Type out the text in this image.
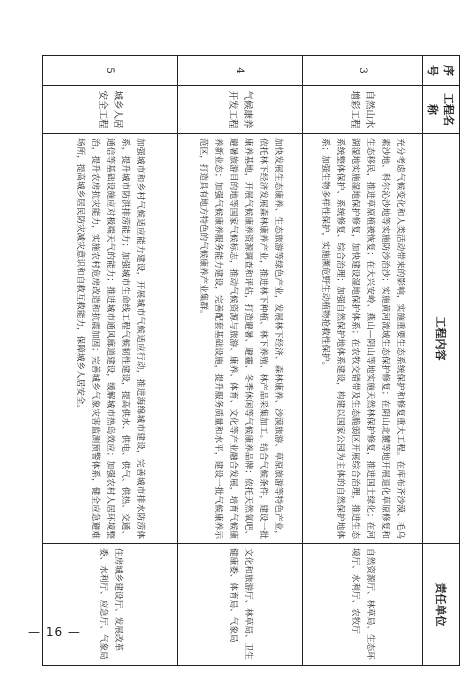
序号	工程名称	工程内容	责任单位
3	自然山水增彩工程	充分考虑气候变化和人类活动带来的影响，实施重要生态系统保护和修复重大工程。在库布齐沙漠、毛乌素沙地、科尔沁沙地等实施防沙治沙；实施黄河流域生态保护修复；在阴山北麓等地开展退化草原修复和生态移民，推进草原植被恢复；在大兴安岭、燕山—阴山等地实施天然林保护修复，推进国土绿化；在河湖湿地实施湿地保护修复，加快建设湿地保护体系；在农牧交错带及生态脆弱区开展综合治理，推进生态系统整体保护、系统修复、综合治理；加强自然保护地体系建设，构建以国家公园为主体的自然保护地体系；加强生物多样性保护，实施濒危野生动植物抢救性保护。	自然资源厅、林草局、生态环境厅、水利厅、农牧厅
4	气候康养开发工程	加快发展生态康养、生态旅游等绿色产业，发展林下经济、森林康养、沙漠旅游、草原旅游等特色产业，依托林下经济发展森林康养产业，推进林下种植、林下养殖、林产品采集加工。结合气候条件，建设一批康养基地，开展气候康养资源调查和评估，打造避暑、避霾、冬季休闲等气候康养品牌；依托天然氧吧、避暑旅游目的地等国家气候标志，推动气候资源与旅游、康养、体育、文化等产业融合发展，培育气候康养新业态；加强气候康养服务能力建设，完善配套基础设施，提升服务质量和水平，建设一批气候康养示范区，打造具有地方特色的气候康养产业集群。	文化和旅游厅、林草局、卫生健康委、体育局、气象局
5	城乡人居安全工程	加强城市和乡村气候适应能力建设，开展城市气候适应行动，推进海绵城市建设，完善城市排水防涝体系，提升城市防洪排涝能力；加强城市生命线工程气候韧性建设，提高供水、供电、供气、供热、交通、通信等基础设施应对极端天气的能力；推进城市通风廊道建设，缓解城市热岛效应；加强农村人居环境整治，提升农房抗灾能力，实施农村危房改造和抗震加固；完善城乡气象灾害监测预警体系，健全应急避难场所，提高城乡居民防灾减灾意识和自救互救能力，保障城乡人居安全。	住房城乡建设厅、发展改革委、水利厅、应急厅、气象局
— 16 —
